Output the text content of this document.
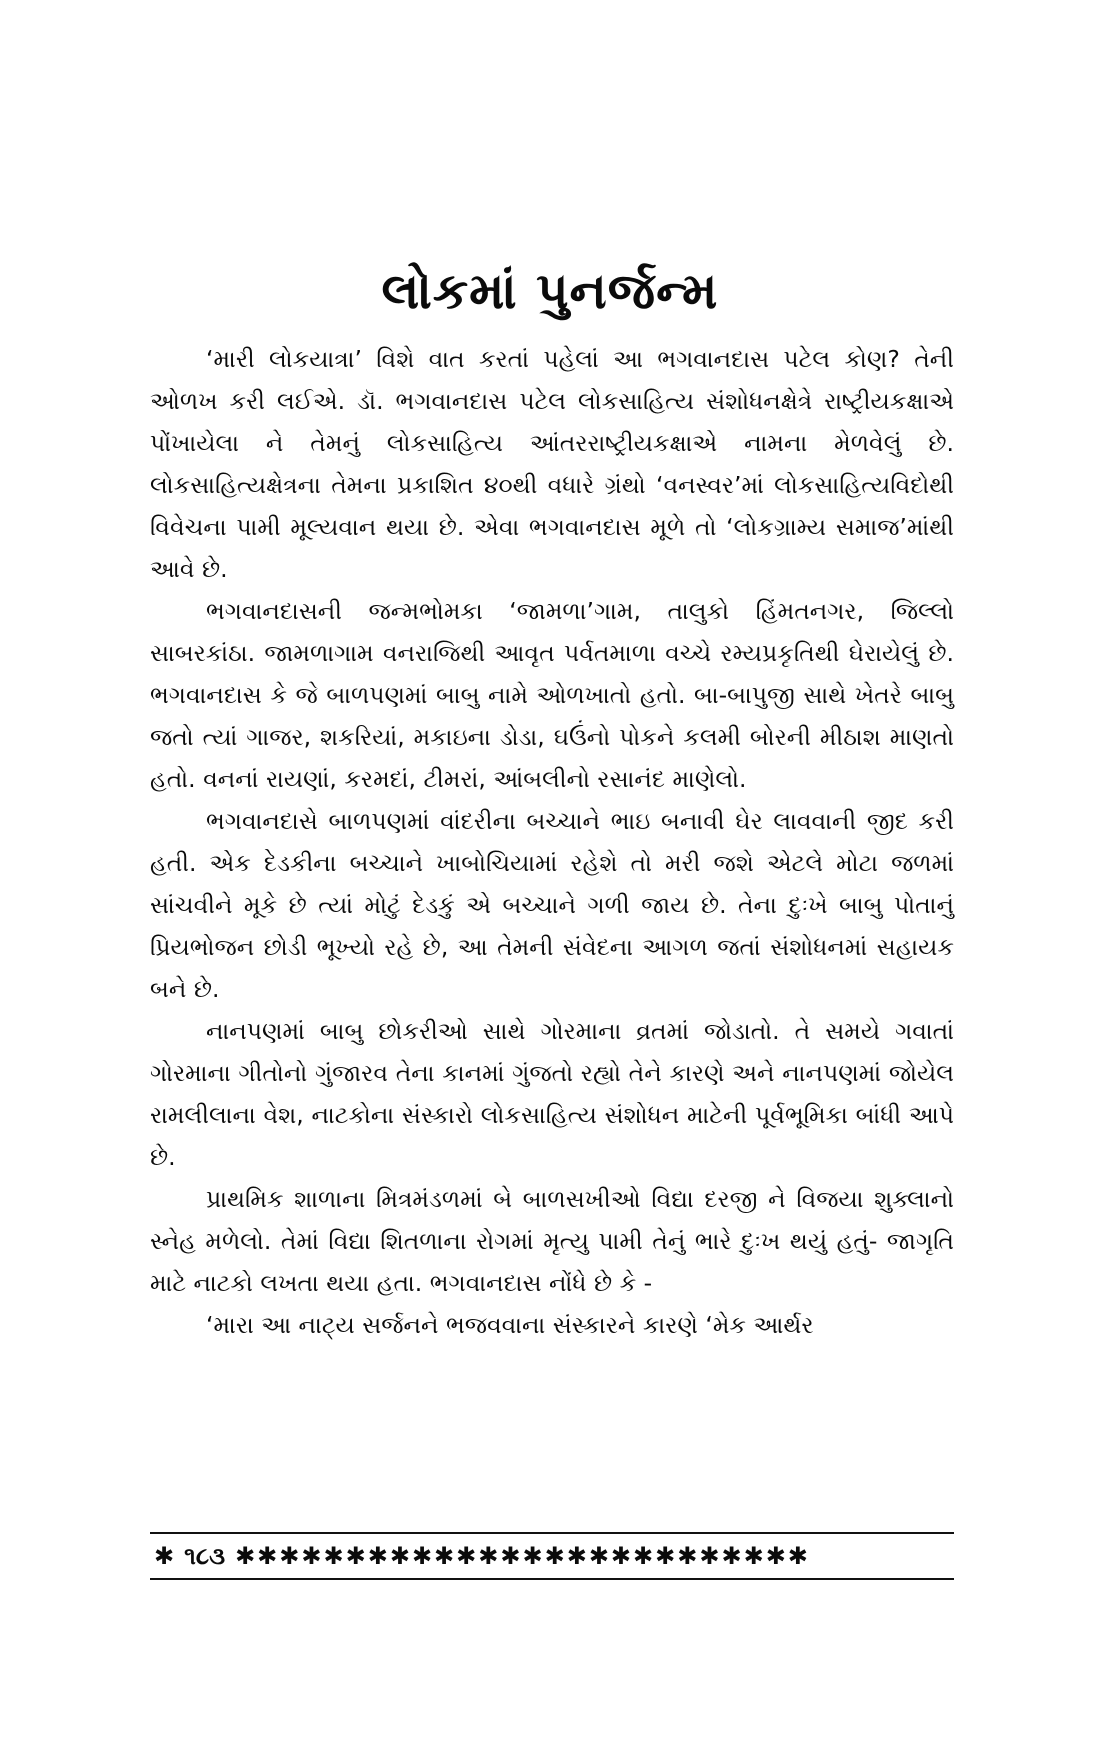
લોકમાં પુનર્જન્મ

‘મારી લોકયાત્રા’ વિશે વાત કરતાં પહેલાં આ ભગવાનદાસ પટેલ કોણ? તેની ઓળખ કરી લઈએ. ડૉ. ભગવાનદાસ પટેલ લોકસાહિત્ય સંશોધનક્ષેત્રે રાષ્ટ્રીયકક્ષાએ પોંખાયેલા ને તેમનું લોકસાહિત્ય આંતરરાષ્ટ્રીયકક્ષાએ નામના મેળવેલું છે. લોકસાહિત્યક્ષેત્રના તેમના પ્રકાશિત ૪૦થી વધારે ગ્રંથો ‘વનસ્વર’માં લોકસાહિત્યવિદોથી વિવેચના પામી મૂલ્યવાન થયા છે. એવા ભગવાનદાસ મૂળે તો ‘લોકગ્રામ્ય સમાજ’માંથી આવે છે.

ભગવાનદાસની જન્મભોમકા ‘જામળા’ગામ, તાલુકો હિંમતનગર, જિલ્લો સાબરકાંઠા. જામળાગામ વનરાજિથી આવૃત પર્વતમાળા વચ્ચે રમ્યપ્રકૃતિથી ઘેરાયેલું છે. ભગવાનદાસ કે જે બાળપણમાં બાબુ નામે ઓળખાતો હતો. બા-બાપુજી સાથે ખેતરે બાબુ જતો ત્યાં ગાજર, શકરિયાં, મકાઇના ડોડા, ઘઉંનો પોકને કલમી બોરની મીઠાશ માણતો હતો. વનનાં રાયણાં, કરમદાં, ટીમરાં, આંબલીનો રસાનંદ માણેલો.

ભગવાનદાસે બાળપણમાં વાંદરીના બચ્ચાને ભાઇ બનાવી ઘેર લાવવાની જીદ કરી હતી. એક દેડકીના બચ્ચાને ખાબોચિયામાં રહેશે તો મરી જશે એટલે મોટા જળમાં સાંચવીને મૂકે છે ત્યાં મોટું દેડકું એ બચ્ચાને ગળી જાય છે. તેના દુઃખે બાબુ પોતાનું પ્રિયભોજન છોડી ભૂખ્યો રહે છે, આ તેમની સંવેદના આગળ જતાં સંશોધનમાં સહાયક બને છે.

નાનપણમાં બાબુ છોકરીઓ સાથે ગોરમાના વ્રતમાં જોડાતો. તે સમયે ગવાતાં ગોરમાના ગીતોનો ગુંજારવ તેના કાનમાં ગુંજતો રહ્યો તેને કારણે અને નાનપણમાં જોયેલ રામલીલાના વેશ, નાટકોના સંસ્કારો લોકસાહિત્ય સંશોધન માટેની પૂર્વભૂમિકા બાંધી આપે છે.

પ્રાથમિક શાળાના મિત્રમંડળમાં બે બાળસખીઓ વિદ્યા દરજી ને વિજયા શુક્લાનો સ્નેહ મળેલો. તેમાં વિદ્યા શિતળાના રોગમાં મૃત્યુ પામી તેનું ભારે દુઃખ થયું હતું- જાગૃતિ માટે નાટકો લખતા થયા હતા. ભગવાનદાસ નોંધે છે કે -

‘મારા આ નાટ્ય સર્જનને ભજવવાના સંસ્કારને કારણે ‘મેક આર્થર

✱ ૧૮૩ ✱✱✱✱✱✱✱✱✱✱✱✱✱✱✱✱✱✱✱✱✱✱✱✱✱✱
